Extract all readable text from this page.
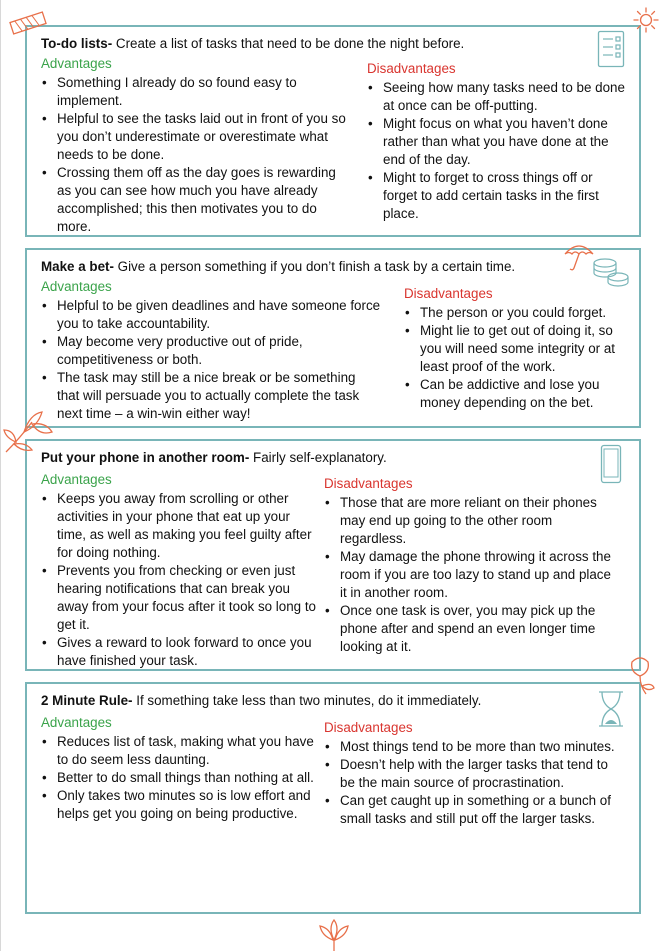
To-do lists- Create a list of tasks that need to be done the night before.
Advantages
• Something I already do so found easy to implement.
• Helpful to see the tasks laid out in front of you so you don’t underestimate or overestimate what needs to be done.
• Crossing them off as the day goes is rewarding as you can see how much you have already accomplished; this then motivates you to do more.
Disadvantages
• Seeing how many tasks need to be done at once can be off-putting.
• Might focus on what you haven’t done rather than what you have done at the end of the day.
• Might to forget to cross things off or forget to add certain tasks in the first place.
Make a bet- Give a person something if you don’t finish a task by a certain time.
Advantages
• Helpful to be given deadlines and have someone force you to take accountability.
• May become very productive out of pride, competitiveness or both.
• The task may still be a nice break or be something that will persuade you to actually complete the task next time – a win-win either way!
Disadvantages
• The person or you could forget.
• Might lie to get out of doing it, so you will need some integrity or at least proof of the work.
• Can be addictive and lose you money depending on the bet.
Put your phone in another room- Fairly self-explanatory.
Advantages
• Keeps you away from scrolling or other activities in your phone that eat up your time, as well as making you feel guilty after for doing nothing.
• Prevents you from checking or even just hearing notifications that can break you away from your focus after it took so long to get it.
• Gives a reward to look forward to once you have finished your task.
Disadvantages
• Those that are more reliant on their phones may end up going to the other room regardless.
• May damage the phone throwing it across the room if you are too lazy to stand up and place it in another room.
• Once one task is over, you may pick up the phone after and spend an even longer time looking at it.
2 Minute Rule- If something take less than two minutes, do it immediately.
Advantages
• Reduces list of task, making what you have to do seem less daunting.
• Better to do small things than nothing at all.
• Only takes two minutes so is low effort and helps get you going on being productive.
Disadvantages
• Most things tend to be more than two minutes.
• Doesn’t help with the larger tasks that tend to be the main source of procrastination.
• Can get caught up in something or a bunch of small tasks and still put off the larger tasks.
